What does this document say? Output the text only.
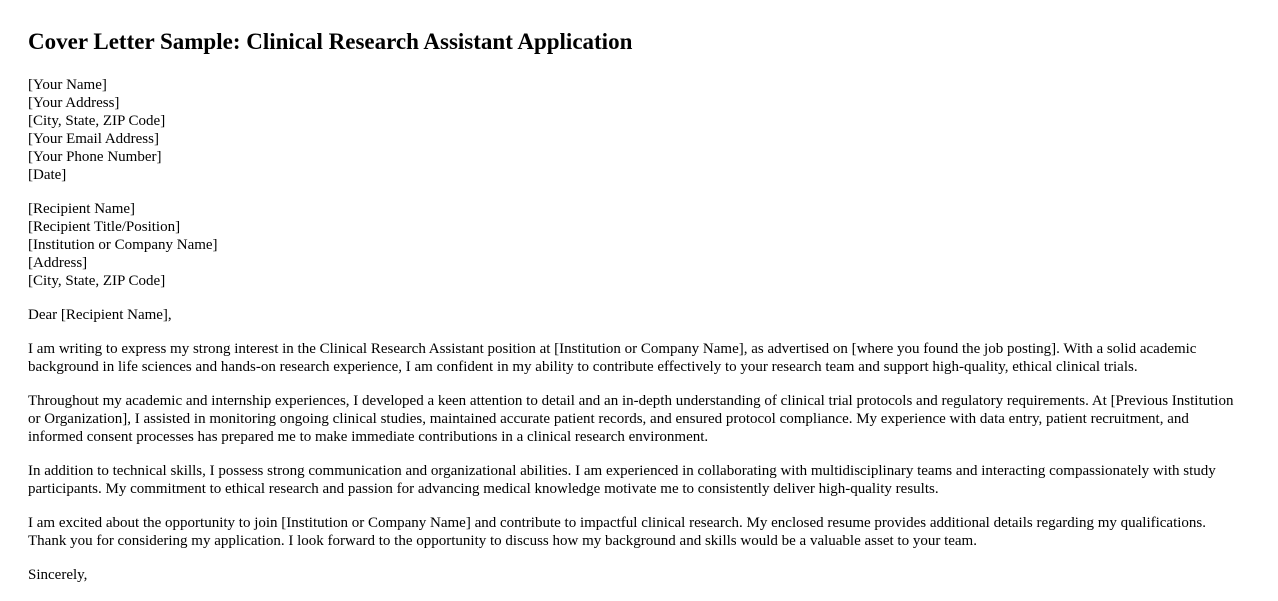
Cover Letter Sample: Clinical Research Assistant Application
[Your Name]
[Your Address]
[City, State, ZIP Code]
[Your Email Address]
[Your Phone Number]
[Date]
[Recipient Name]
[Recipient Title/Position]
[Institution or Company Name]
[Address]
[City, State, ZIP Code]

Dear [Recipient Name],

I am writing to express my strong interest in the Clinical Research Assistant position at [Institution or Company Name], as advertised on [where you found the job posting]. With a solid academic background in life sciences and hands-on research experience, I am confident in my ability to contribute effectively to your research team and support high-quality, ethical clinical trials.

Throughout my academic and internship experiences, I developed a keen attention to detail and an in-depth understanding of clinical trial protocols and regulatory requirements. At [Previous Institution or Organization], I assisted in monitoring ongoing clinical studies, maintained accurate patient records, and ensured protocol compliance. My experience with data entry, patient recruitment, and informed consent processes has prepared me to make immediate contributions in a clinical research environment.

In addition to technical skills, I possess strong communication and organizational abilities. I am experienced in collaborating with multidisciplinary teams and interacting compassionately with study participants. My commitment to ethical research and passion for advancing medical knowledge motivate me to consistently deliver high-quality results.

I am excited about the opportunity to join [Institution or Company Name] and contribute to impactful clinical research. My enclosed resume provides additional details regarding my qualifications. Thank you for considering my application. I look forward to the opportunity to discuss how my background and skills would be a valuable asset to your team.

Sincerely,
